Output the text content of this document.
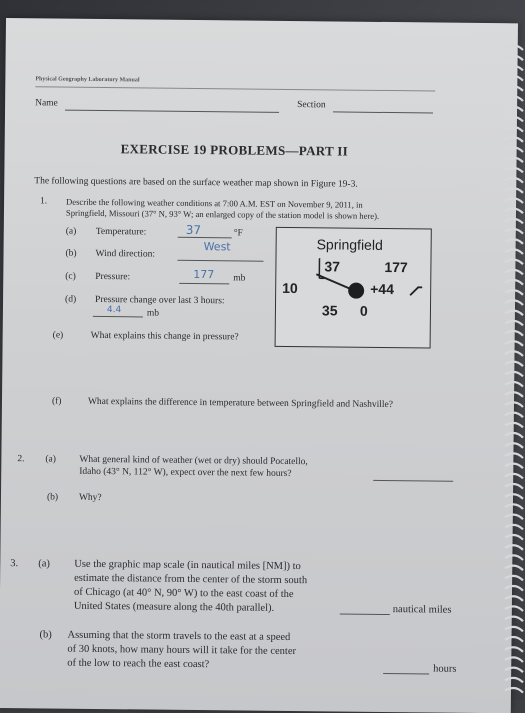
Physical Geography Laboratory Manual
Name	Section
EXERCISE 19 PROBLEMS—PART II
The following questions are based on the surface weather map shown in Figure 19-3.
1. Describe the following weather conditions at 7:00 A.M. EST on November 9, 2011, in
Springfield, Missouri (37° N, 93° W; an enlarged copy of the station model is shown here).
(a) Temperature:	37	°F
(b) Wind direction:
West
(c) Pressure:	177 mb
(d) Pressure change over last 3 hours:
4.4	mb
(e)	What explains this change in pressure?
(f)	What explains the difference in temperature between Springfield and Nashville?
Springfield
37	177
10	+44
35 0
2. (a) What general kind of weather (wet or dry) should Pocatello,
Idaho (43° N, 112° W), expect over the next few hours?
(b) Why?
3. (a) Use the graphic map scale (in nautical miles [NM]) to
estimate the distance from the center of the storm south
of Chicago (at 40° N, 90° W) to the east coast of the
United States (measure along the 40th parallel).	nautical miles
(b) Assuming that the storm travels to the east at a speed
of 30 knots, how many hours will it take for the center
of the low to reach the east coast?	hours
